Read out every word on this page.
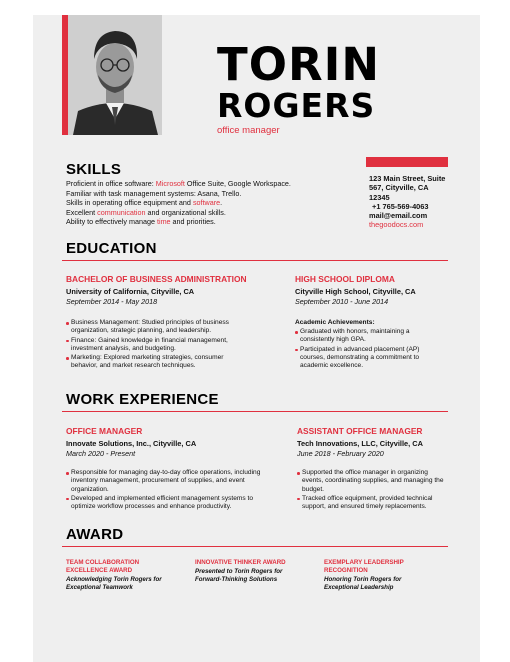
TORIN
ROGERS
office manager
SKILLS
Proficient in office software: Microsoft Office Suite, Google Workspace.
Familiar with task management systems: Asana, Trello.
Skills in operating office equipment and software.
Excellent communication and organizational skills.
Ability to effectively manage time and priorities.
123 Main Street, Suite
567, Cityville, CA
12345
+1 765-569-4063
mail@email.com
thegoodocs.com
EDUCATION
BACHELOR OF BUSINESS ADMINISTRATION
University of California, Cityville, CA
September 2014 - May 2018
Business Management: Studied principles of business organization, strategic planning, and leadership.
Finance: Gained knowledge in financial management, investment analysis, and budgeting.
Marketing: Explored marketing strategies, consumer behavior, and market research techniques.
HIGH SCHOOL DIPLOMA
Cityville High School, Cityville, CA
September 2010 - June 2014
Academic Achievements:
Graduated with honors, maintaining a consistently high GPA.
Participated in advanced placement (AP) courses, demonstrating a commitment to academic excellence.
WORK EXPERIENCE
OFFICE MANAGER
Innovate Solutions, Inc., Cityville, CA
March 2020 - Present
Responsible for managing day-to-day office operations, including inventory management, procurement of supplies, and event organization.
Developed and implemented efficient management systems to optimize workflow processes and enhance productivity.
ASSISTANT OFFICE MANAGER
Tech Innovations, LLC, Cityville, CA
June 2018 - February 2020
Supported the office manager in organizing events, coordinating supplies, and managing the budget.
Tracked office equipment, provided technical support, and ensured timely replacements.
AWARD
TEAM COLLABORATION EXCELLENCE AWARD
Acknowledging Torin Rogers for Exceptional Teamwork
INNOVATIVE THINKER AWARD
Presented to Torin Rogers for Forward-Thinking Solutions
EXEMPLARY LEADERSHIP RECOGNITION
Honoring Torin Rogers for Exceptional Leadership
